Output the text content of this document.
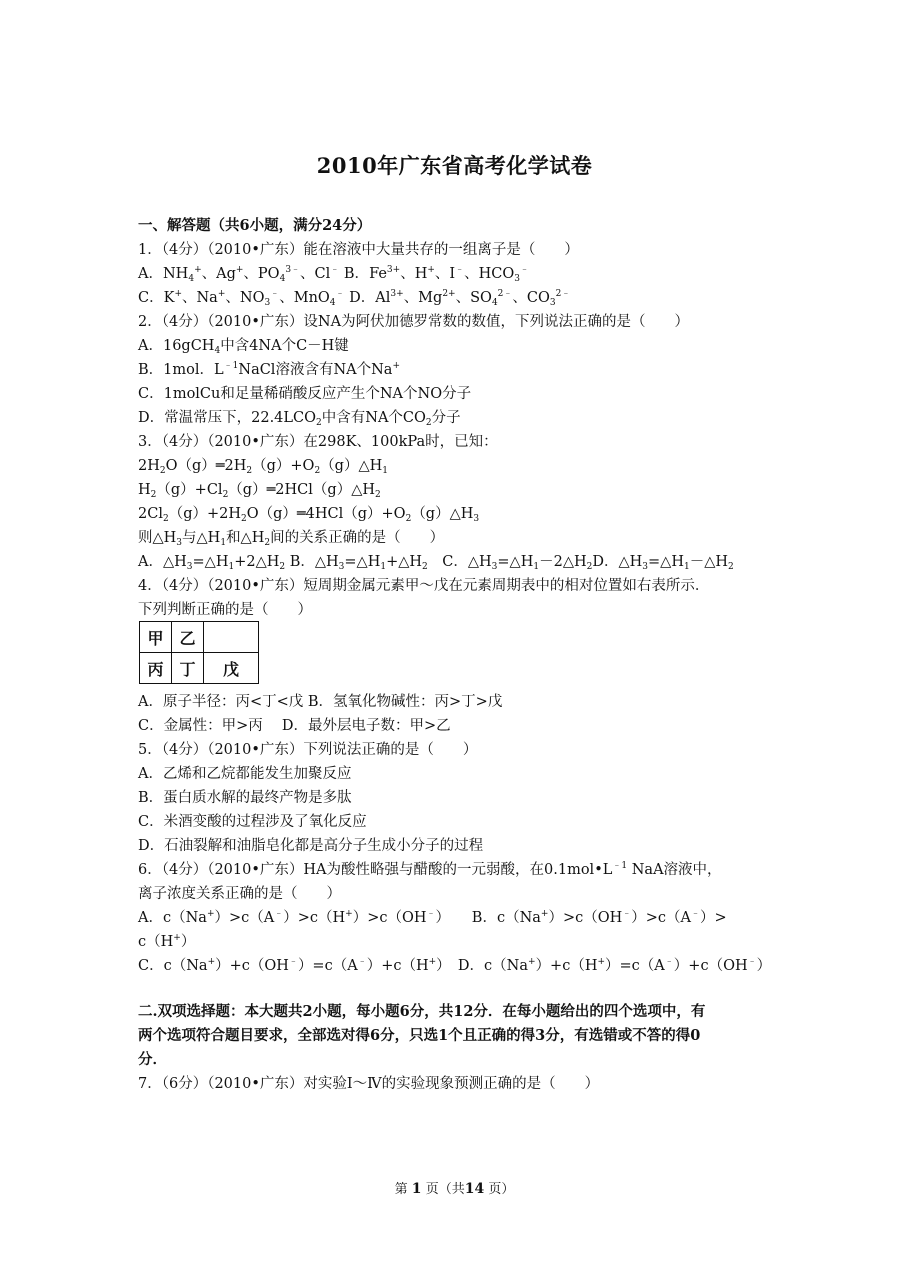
2010年广东省高考化学试卷
一、解答题（共6小题，满分24分）
1．（4分）（2010•广东）能在溶液中大量共存的一组离子是（　　）
A．$NH_4^+$、Ag+、$PO_4^{3﹣}$、Cl﹣ B．$Fe^{3+}$、H+、I﹣、$HCO_3^﹣$
C．K+、Na+、$NO_3^﹣$、MnO$_4$﹣ D．$Al^{3+}$、$Mg^{2+}$、$SO_4^{2﹣}$、$CO_3^{2﹣}$
2．（4分）（2010•广东）设NA为阿伏加德罗常数的数值，下列说法正确的是（　　）
A．16gCH$_4$中含4NA个C－H键
B．1mol．$L^{﹣1}NaCl$溶液含有NA个Na+
C．1molCu和足量稀硝酸反应产生个NA个NO分子
D．常温常压下，$22.4LCO_2$中含有NA个$CO_2$分子
3．（4分）（2010•广东）在298K、100kPa时，已知：
$2H_2O(g)═2H_2(g)+O_2(g)\triangle H_1$
$H_2(g)+Cl_2(g)═2HCl(g)\triangle H_2$
$2Cl_2(g)+2H_2O(g)═4HCl(g)+O_2(g)\triangle H_3$
则$\triangle H_3$与$\triangle H_1$和$\triangle H_2$间的关系正确的是（　　）
A．$\triangle H_3=\triangle H_1+2\triangle H_2$ B．$\triangle H_3=\triangle H_1+\triangle H_2$　C．$\triangle H_3=\triangle H_1-2\triangle H_2D$．$\triangle H_3=\triangle H_1-\triangle H_2$
4．（4分）（2010•广东）短周期金属元素甲～戊在元素周期表中的相对位置如右表所示．
下列判断正确的是（　　）
甲	乙	
丙	丁	戊
A．原子半径：丙<丁<戊 B．氢氧化物碱性：丙>丁>戊
C．金属性：甲>丙　 D．最外层电子数：甲>乙
5．（4分）（2010•广东）下列说法正确的是（　　）
A．乙烯和乙烷都能发生加聚反应
B．蛋白质水解的最终产物是多肽
C．米酒变酸的过程涉及了氧化反应
D．石油裂解和油脂皂化都是高分子生成小分子的过程
6．（4分）（2010•广东）HA为酸性略强与醋酸的一元弱酸，在$0.1mol•L^{﹣1}$ NaA溶液中，
离子浓度关系正确的是（　　）
A．c（Na+）>c（A﹣）>c（H+）>c（OH﹣）　　 B．c（Na+）>c（OH﹣）>c（A﹣）>
c（H+）
C．c（Na+）+c（OH﹣）=c（A﹣）+c（H+）　 D．c（Na+）+c（H+）=c（A﹣）+c（OH﹣）
二.双项选择题：本大题共2小题，每小题6分，共12分．在每小题给出的四个选项中，有
两个选项符合题目要求，全部选对得6分，只选1个且正确的得3分，有选错或不答的得0
分．
7．（6分）（2010•广东）对实验Ⅰ～Ⅳ的实验现象预测正确的是（　　）
第 1 页（共14 页）
